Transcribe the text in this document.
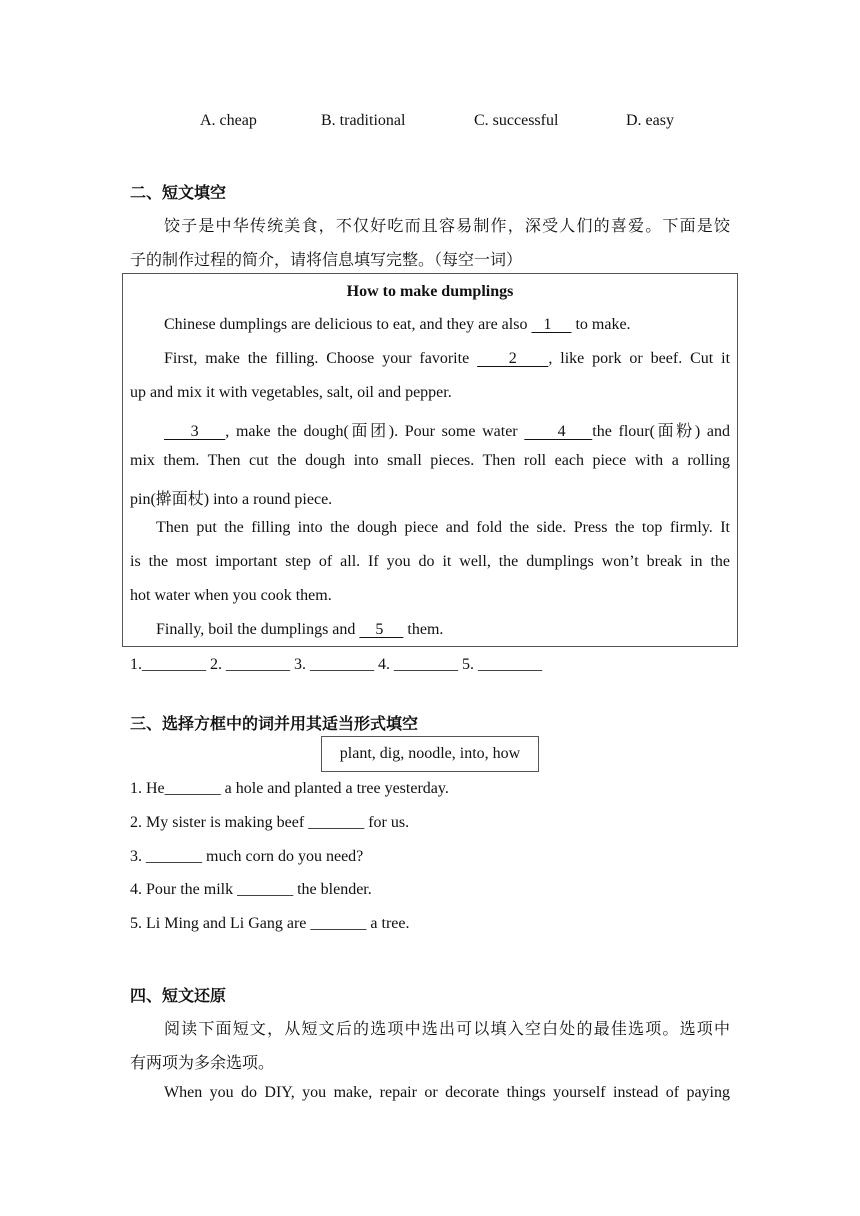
A. cheap	B. traditional	C. successful	D. easy
二、短文填空
饺子是中华传统美食，不仅好吃而且容易制作，深受人们的喜爱。下面是饺
子的制作过程的简介，请将信息填写完整。（每空一词）
How to make dumplings
Chinese dumplings are delicious to eat, and they are also    1      to make.
First, make the filling. Choose your favorite     2    , like pork or beef. Cut it
up and mix it with vegetables, salt, oil and pepper.
3    , make the dough(面团). Pour some water      4    the flour(面粉) and
mix them. Then cut the dough into small pieces. Then roll each piece with a rolling
pin(擀面杖) into a round piece.
Then put the filling into the dough piece and fold the side. Press the top firmly. It
is the most important step of all. If you do it well, the dumplings won’t break in the
hot water when you cook them.
Finally, boil the dumplings and     5      them.
1.________ 2. ________ 3. ________ 4. ________ 5. ________
三、选择方框中的词并用其适当形式填空
plant, dig, noodle, into, how
1. He_______ a hole and planted a tree yesterday.
2. My sister is making beef _______ for us.
3. _______ much corn do you need?
4. Pour the milk _______ the blender.
5. Li Ming and Li Gang are _______ a tree.
四、短文还原
阅读下面短文，从短文后的选项中选出可以填入空白处的最佳选项。选项中
有两项为多余选项。
When you do DIY, you make, repair or decorate things yourself instead of paying
